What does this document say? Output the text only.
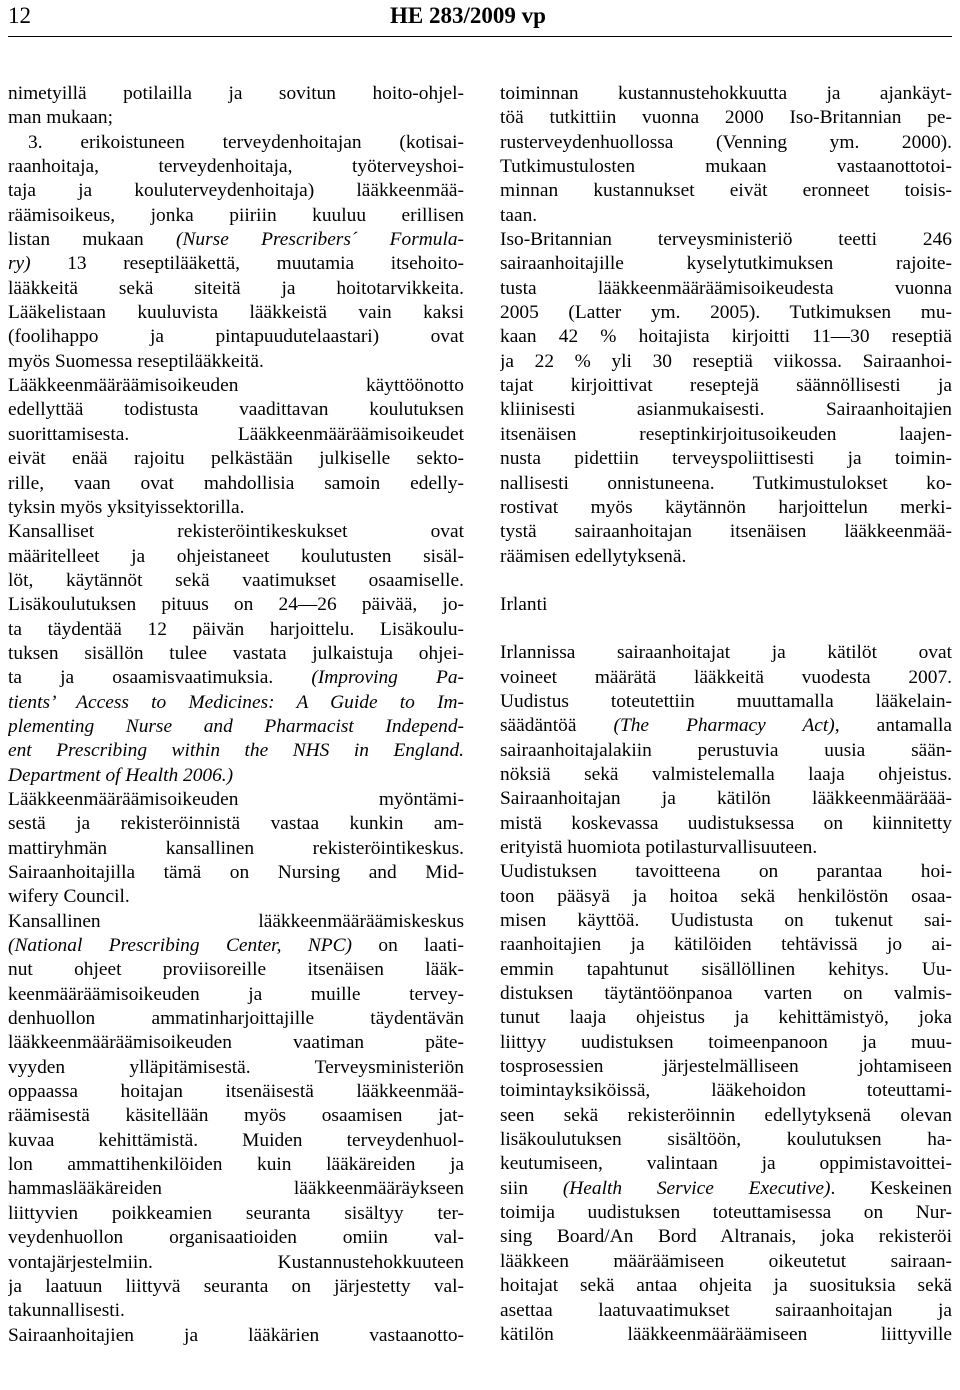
12	HE 283/2009 vp
nimetyillä potilailla ja sovitun hoito-ohjel-
man mukaan;
3. erikoistuneen terveydenhoitajan (kotisai-
raanhoitaja, terveydenhoitaja, työterveyshoi-
taja ja kouluterveydenhoitaja) lääkkeenmää-
räämisoikeus, jonka piiriin kuuluu erillisen
listan mukaan (Nurse Prescribers´ Formula-
ry) 13 reseptilääkettä, muutamia itsehoito-
lääkkeitä sekä siteitä ja hoitotarvikkeita.
Lääkelistaan kuuluvista lääkkeistä vain kaksi
(foolihappo ja pintapuudutelaastari) ovat
myös Suomessa reseptilääkkeitä.
Lääkkeenmääräämisoikeuden käyttöönotto
edellyttää todistusta vaadittavan koulutuksen
suorittamisesta. Lääkkeenmääräämisoikeudet
eivät enää rajoitu pelkästään julkiselle sekto-
rille, vaan ovat mahdollisia samoin edelly-
tyksin myös yksityissektorilla.
Kansalliset rekisteröintikeskukset ovat
määritelleet ja ohjeistaneet koulutusten sisäl-
löt, käytännöt sekä vaatimukset osaamiselle.
Lisäkoulutuksen pituus on 24—26 päivää, jo-
ta täydentää 12 päivän harjoittelu. Lisäkoulu-
tuksen sisällön tulee vastata julkaistuja ohjei-
ta ja osaamisvaatimuksia. (Improving Pa-
tients’ Access to Medicines: A Guide to Im-
plementing Nurse and Pharmacist Independ-
ent Prescribing within the NHS in England.
Department of Health 2006.)
Lääkkeenmääräämisoikeuden myöntämi-
sestä ja rekisteröinnistä vastaa kunkin am-
mattiryhmän kansallinen rekisteröintikeskus.
Sairaanhoitajilla tämä on Nursing and Mid-
wifery Council.
Kansallinen lääkkeenmääräämiskeskus
(National Prescribing Center, NPC) on laati-
nut ohjeet proviisoreille itsenäisen lääk-
keenmääräämisoikeuden ja muille tervey-
denhuollon ammatinharjoittajille täydentävän
lääkkeenmääräämisoikeuden vaatiman päte-
vyyden ylläpitämisestä. Terveysministeriön
oppaassa hoitajan itsenäisestä lääkkeenmää-
räämisestä käsitellään myös osaamisen jat-
kuvaa kehittämistä. Muiden terveydenhuol-
lon ammattihenkilöiden kuin lääkäreiden ja
hammaslääkäreiden lääkkeenmääräykseen
liittyvien poikkeamien seuranta sisältyy ter-
veydenhuollon organisaatioiden omiin val-
vontajärjestelmiin. Kustannustehokkuuteen
ja laatuun liittyvä seuranta on järjestetty val-
takunnallisesti.
Sairaanhoitajien ja lääkärien vastaanotto-
toiminnan kustannustehokkuutta ja ajankäyt-
töä tutkittiin vuonna 2000 Iso-Britannian pe-
rusterveydenhuollossa (Venning ym. 2000).
Tutkimustulosten mukaan vastaanottotoi-
minnan kustannukset eivät eronneet toisis-
taan.
Iso-Britannian terveysministeriö teetti 246
sairaanhoitajille kyselytutkimuksen rajoite-
tusta lääkkeenmääräämisoikeudesta vuonna
2005 (Latter ym. 2005). Tutkimuksen mu-
kaan 42 % hoitajista kirjoitti 11—30 reseptiä
ja 22 % yli 30 reseptiä viikossa. Sairaanhoi-
tajat kirjoittivat reseptejä säännöllisesti ja
kliinisesti asianmukaisesti. Sairaanhoitajien
itsenäisen reseptinkirjoitusoikeuden laajen-
nusta pidettiin terveyspoliittisesti ja toimin-
nallisesti onnistuneena. Tutkimustulokset ko-
rostivat myös käytännön harjoittelun merki-
tystä sairaanhoitajan itsenäisen lääkkeenmää-
räämisen edellytyksenä.
Irlanti
Irlannissa sairaanhoitajat ja kätilöt ovat
voineet määrätä lääkkeitä vuodesta 2007.
Uudistus toteutettiin muuttamalla lääkelain-
säädäntöä (The Pharmacy Act), antamalla
sairaanhoitajalakiin perustuvia uusia sään-
nöksiä sekä valmistelemalla laaja ohjeistus.
Sairaanhoitajan ja kätilön lääkkeenmääräää-
mistä koskevassa uudistuksessa on kiinnitetty
erityistä huomiota potilasturvallisuuteen.
Uudistuksen tavoitteena on parantaa hoi-
toon pääsyä ja hoitoa sekä henkilöstön osaa-
misen käyttöä. Uudistusta on tukenut sai-
raanhoitajien ja kätilöiden tehtävissä jo ai-
emmin tapahtunut sisällöllinen kehitys. Uu-
distuksen täytäntöönpanoa varten on valmis-
tunut laaja ohjeistus ja kehittämistyö, joka
liittyy uudistuksen toimeenpanoon ja muu-
tosprosessien järjestelmälliseen johtamiseen
toimintayksiköissä, lääkehoidon toteuttami-
seen sekä rekisteröinnin edellytyksenä olevan
lisäkoulutuksen sisältöön, koulutuksen ha-
keutumiseen, valintaan ja oppimistavoittei-
siin (Health Service Executive). Keskeinen
toimija uudistuksen toteuttamisessa on Nur-
sing Board/An Bord Altranais, joka rekisteröi
lääkkeen määräämiseen oikeutetut sairaan-
hoitajat sekä antaa ohjeita ja suosituksia sekä
asettaa laatuvaatimukset sairaanhoitajan ja
kätilön lääkkeenmääräämiseen liittyville
